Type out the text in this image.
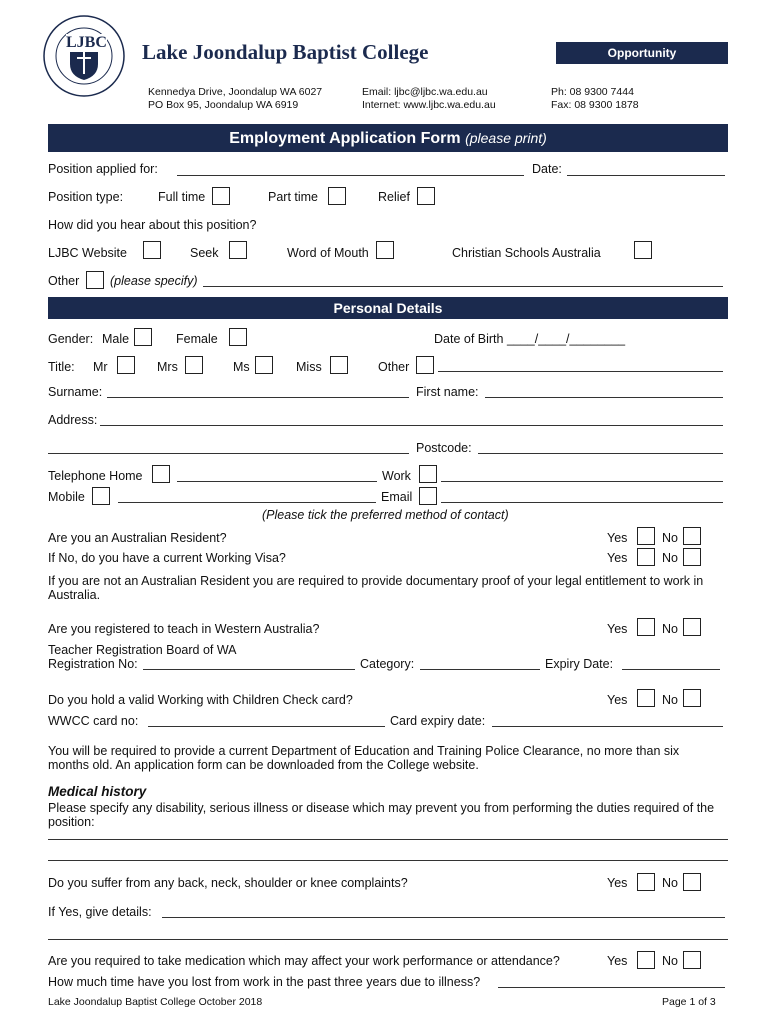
LJBC Lake Joondalup Baptist College	Opportunity
Kennedya Drive, Joondalup WA 6027
PO Box 95, Joondalup WA 6919
Email: ljbc@ljbc.wa.edu.au
Internet: www.ljbc.wa.edu.au
Ph: 08 9300 7444
Fax: 08 9300 1878
Employment Application Form (please print)
Position applied for:	Date:
Position type:	Full time	Part time	Relief
How did you hear about this position?
LJBC Website	Seek	Word of Mouth	Christian Schools Australia
Other (please specify)
Personal Details
Gender: Male	Female	Date of Birth ____/____/________
Title: Mr	Mrs	Ms	Miss	Other
Surname:	First name:
Address:
Postcode:
Telephone Home	Work
Mobile	Email
(Please tick the preferred method of contact)
Are you an Australian Resident?	Yes	No
If No, do you have a current Working Visa?	Yes	No
If you are not an Australian Resident you are required to provide documentary proof of your legal entitlement to work in Australia.
Are you registered to teach in Western Australia?	Yes	No
Teacher Registration Board of WA
Registration No:	Category:	Expiry Date:
Do you hold a valid Working with Children Check card?	Yes	No
WWCC card no:	Card expiry date:
You will be required to provide a current Department of Education and Training Police Clearance, no more than six months old. An application form can be downloaded from the College website.
Medical history
Please specify any disability, serious illness or disease which may prevent you from performing the duties required of the position:
Do you suffer from any back, neck, shoulder or knee complaints?	Yes	No
If Yes, give details:
Are you required to take medication which may affect your work performance or attendance?	Yes	No
How much time have you lost from work in the past three years due to illness?
Lake Joondalup Baptist College October 2018	Page 1 of 3
